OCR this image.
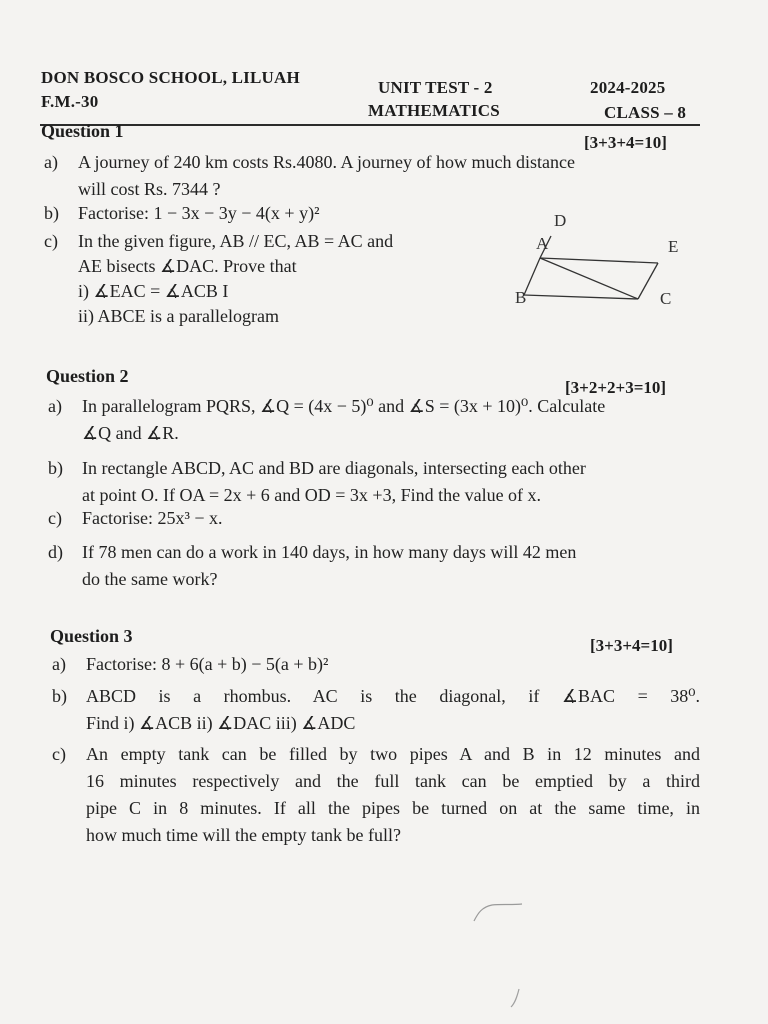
DON BOSCO SCHOOL, LILUAH
F.M.-30
UNIT TEST - 2
MATHEMATICS
2024-2025
CLASS – 8
Question 1
[3+3+4=10]
a) A journey of 240 km costs Rs.4080. A journey of how much distance
will cost Rs. 7344 ?
b) Factorise: 1 − 3x − 3y − 4(x + y)²
c) In the given figure, AB // EC, AB = AC and
AE bisects ∡DAC. Prove that
i) ∡EAC = ∡ACB I
ii) ABCE is a parallelogram
A
B	C
D
E
Question 2
[3+2+2+3=10]
a) In parallelogram PQRS, ∡Q = (4x − 5)⁰ and ∡S = (3x + 10)⁰. Calculate
∡Q and ∡R.
b) In rectangle ABCD, AC and BD are diagonals, intersecting each other
at point O. If OA = 2x + 6 and OD = 3x +3, Find the value of x.
c) Factorise: 25x³ − x.
d) If 78 men can do a work in 140 days, in how many days will 42 men
do the same work?
Question 3	[3+3+4=10]
a) Factorise: 8 + 6(a + b) − 5(a + b)²
b) ABCD is a rhombus. AC is the diagonal, if ∡BAC = 38⁰.
Find i) ∡ACB ii) ∡DAC iii) ∡ADC
c) An empty tank can be filled by two pipes A and B in 12 minutes and
16 minutes respectively and the full tank can be emptied by a third
pipe C in 8 minutes. If all the pipes be turned on at the same time, in
how much time will the empty tank be full?
